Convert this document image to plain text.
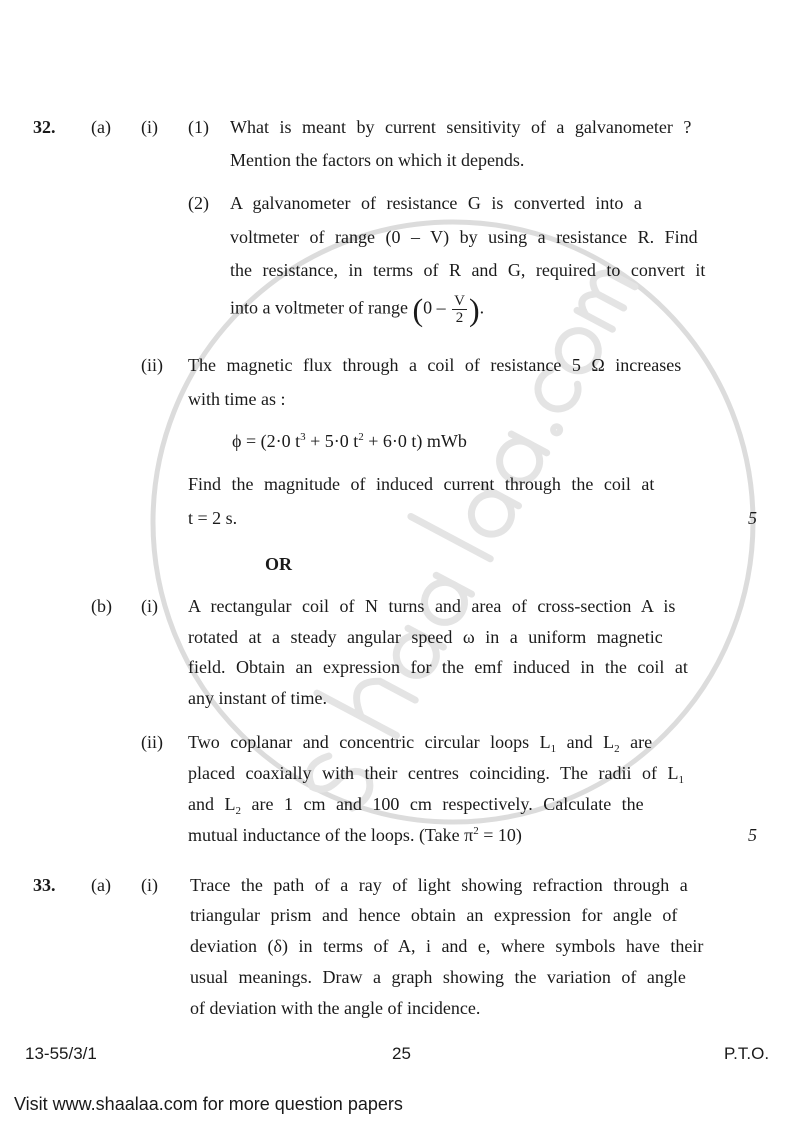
32. (a) (i) (1) What is meant by current sensitivity of a galvanometer ?
Mention the factors on which it depends.
(2) A galvanometer of resistance G is converted into a
voltmeter of range (0 – V) by using a resistance R. Find
the resistance, in terms of R and G, required to convert it
into a voltmeter of range ($0 - \frac{V}{2}$ ).
(ii) The magnetic flux through a coil of resistance 5 Ω increases
with time as :
ϕ = (2·0 $t^3 + 5\cdot 0$ $t^2 + 6\cdot 0$ t) mWb
Find the magnitude of induced current through the coil at
t = 2 s.	5
OR
(b) (i) A rectangular coil of N turns and area of cross-section A is
rotated at a steady angular speed ω in a uniform magnetic
field. Obtain an expression for the emf induced in the coil at
any instant of time.
(ii) Two coplanar and concentric circular loops $L_1$ and $L_2$ are
placed coaxially with their centres coinciding. The radii of $L_1$
and $L_2$ are 1 cm and 100 cm respectively. Calculate the
mutual inductance of the loops. (Take $\pi^2 = 10$)	5
33. (a) (i) Trace the path of a ray of light showing refraction through a
triangular prism and hence obtain an expression for angle of
deviation (δ) in terms of A, i and e, where symbols have their
usual meanings. Draw a graph showing the variation of angle
of deviation with the angle of incidence.
13-55/3/1	25	P.T.O.
Visit www.shaalaa.com for more question papers
